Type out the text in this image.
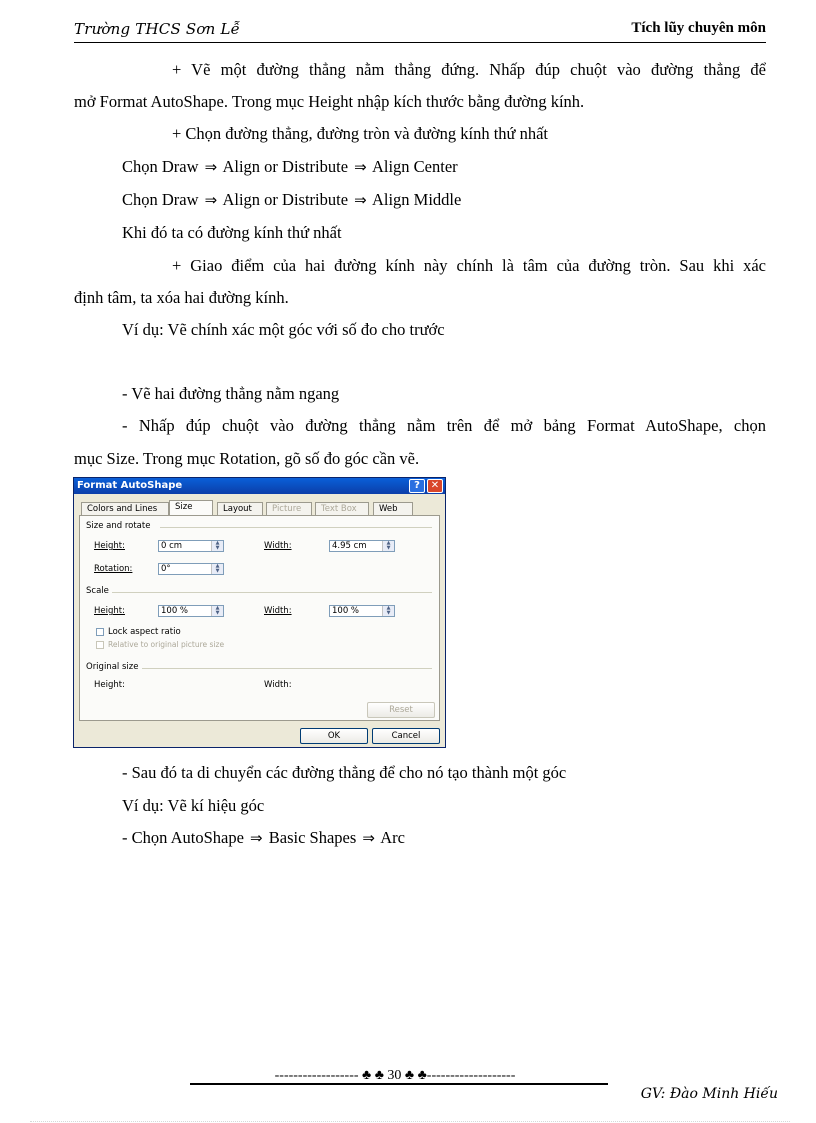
Trường THCS Sơn Lễ	Tích lũy chuyên môn
+ Vẽ một đường thẳng nằm thẳng đứng. Nhấp đúp chuột vào đường thẳng để
mở Format AutoShape. Trong mục Height nhập kích thước bằng đường kính.
+ Chọn đường thẳng, đường tròn và đường kính thứ nhất
Chọn Draw ⇒ Align or Distribute ⇒ Align Center
Chọn Draw ⇒ Align or Distribute ⇒ Align Middle
Khi đó ta có đường kính thứ nhất
+ Giao điểm của hai đường kính này chính là tâm của đường tròn. Sau khi xác
định tâm, ta xóa hai đường kính.
Ví dụ: Vẽ chính xác một góc với số đo cho trước
- Vẽ hai đường thẳng nằm ngang
- Nhấp đúp chuột vào đường thẳng nằm trên để mở bảng Format AutoShape, chọn
mục Size. Trong mục Rotation, gõ số đo góc cần vẽ.
Format AutoShape	?	✕
Colors and Lines	Size	Layout	Picture	Text Box	Web
Size and rotate
Height:	0 cm	▲
▼	Width:	4.95 cm	▲
▼
Rotation:	0°	▲
▼
Scale
Height:	100 %	▲
▼	Width:	100 %	▲
▼
Lock aspect ratio
Relative to original picture size
Original size
Height:	Width:
Reset
OK	Cancel
- Sau đó ta di chuyển các đường thẳng để cho nó tạo thành một góc
Ví dụ: Vẽ kí hiệu góc
- Chọn AutoShape ⇒ Basic Shapes ⇒ Arc
------------------ ♣ ♣ 30 ♣ ♣-------------------
GV: Đào Minh Hiếu
